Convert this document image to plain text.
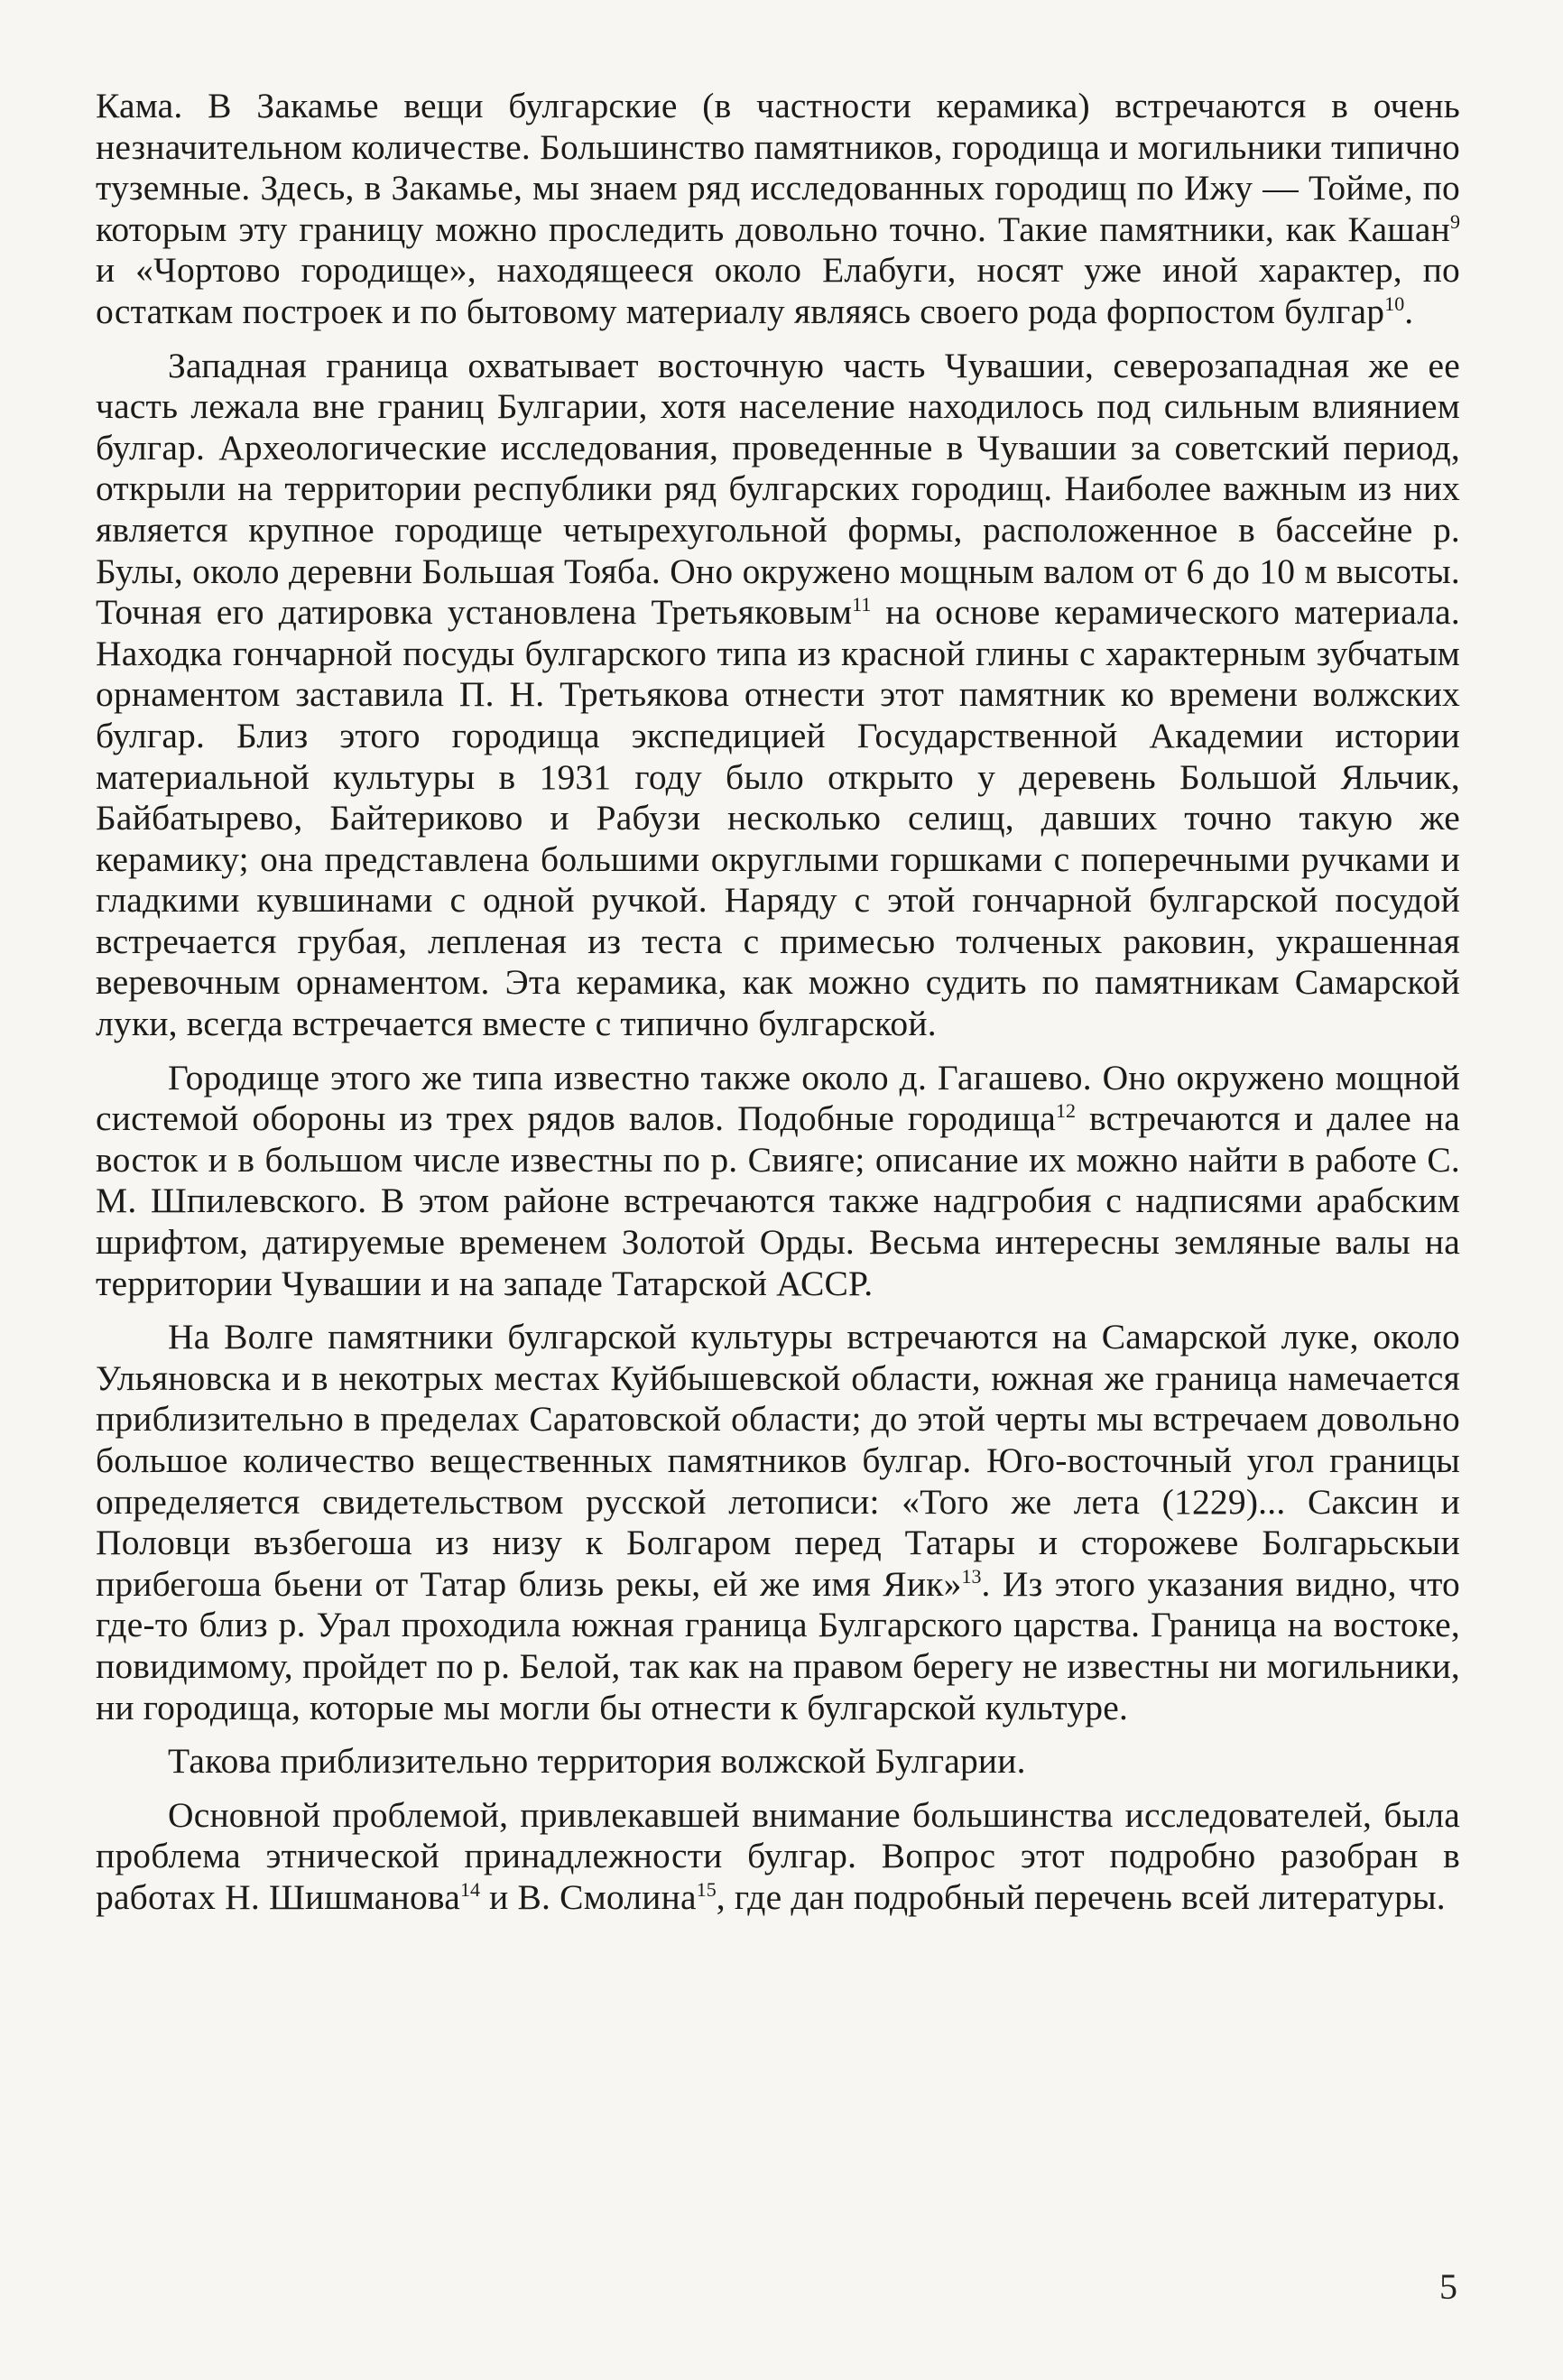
Кама. В Закамье вещи булгарские (в частности керамика) встречаются в очень незначительном количестве. Большинство памятников, городища и могильники типично туземные. Здесь, в Закамье, мы знаем ряд исследованных городищ по Ижу — Тойме, по которым эту границу можно проследить довольно точно. Такие памятники, как Кашан$^9$ и «Чортово городище», находящееся около Елабуги, носят уже иной характер, по остаткам построек и по бытовому материалу являясь своего рода форпостом булгар$^{10}$.

Западная граница охватывает восточную часть Чувашии, северозападная же ее часть лежала вне границ Булгарии, хотя население находилось под сильным влиянием булгар. Археологические исследования, проведенные в Чувашии за советский период, открыли на территории республики ряд булгарских городищ. Наиболее важным из них является крупное городище четырехугольной формы, расположенное в бассейне р. Булы, около деревни Большая Тояба. Оно окружено мощным валом от 6 до 10 м высоты. Точная его датировка установлена Третьяковым$^{11}$ на основе керамического материала. Находка гончарной посуды булгарского типа из красной глины с характерным зубчатым орнаментом заставила П. Н. Третьякова отнести этот памятник ко времени волжских булгар. Близ этого городища экспедицией Государственной Академии истории материальной культуры в 1931 году было открыто у деревень Большой Яльчик, Байбатырево, Байтериково и Рабузи несколько селищ, давших точно такую же керамику; она представлена большими округлыми горшками с поперечными ручками и гладкими кувшинами с одной ручкой. Наряду с этой гончарной булгарской посудой встречается грубая, лепленая из теста с примесью толченых раковин, украшенная веревочным орнаментом. Эта керамика, как можно судить по памятникам Самарской луки, всегда встречается вместе с типично булгарской.

Городище этого же типа известно также около д. Гагашево. Оно окружено мощной системой обороны из трех рядов валов. Подобные городища$^{12}$ встречаются и далее на восток и в большом числе известны по р. Свияге; описание их можно найти в работе С. М. Шпилевского. В этом районе встречаются также надгробия с надписями арабским шрифтом, датируемые временем Золотой Орды. Весьма интересны земляные валы на территории Чувашии и на западе Татарской АССР.

На Волге памятники булгарской культуры встречаются на Самарской луке, около Ульяновска и в некотрых местах Куйбышевской области, южная же граница намечается приблизительно в пределах Саратовской области; до этой черты мы встречаем довольно большое количество вещественных памятников булгар. Юго-восточный угол границы определяется свидетельством русской летописи: «Того же лета (1229)... Саксин и Половци възбегоша из низу к Болгаром перед Татары и сторожеве Болгарьскыи прибегоша бьени от Татар близь рекы, ей же имя Яик»$^{13}$. Из этого указания видно, что где-то близ р. Урал проходила южная граница Булгарского царства. Граница на востоке, повидимому, пройдет по р. Белой, так как на правом берегу не известны ни могильники, ни городища, которые мы могли бы отнести к булгарской культуре.

Такова приблизительно территория волжской Булгарии.

Основной проблемой, привлекавшей внимание большинства исследователей, была проблема этнической принадлежности булгар. Вопрос этот подробно разобран в работах Н. Шишманова$^{14}$ и В. Смолина$^{15}$, где дан подробный перечень всей литературы.

5
